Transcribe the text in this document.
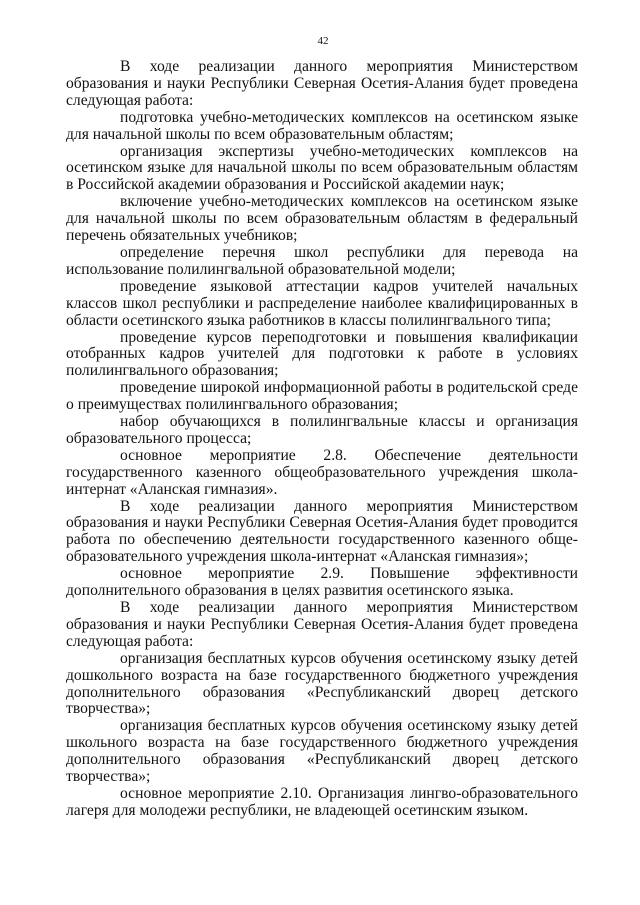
42

В ходе реализации данного мероприятия Министерством образования и науки Республики Северная Осетия-Алания будет проведена следующая работа:

подготовка учебно-методических комплексов на осетинском языке для начальной школы по всем образовательным областям;

организация экспертизы учебно-методических комплексов на осетинском языке для начальной школы по всем образовательным областям в Российской академии образования и Российской академии наук;

включение учебно-методических комплексов на осетинском языке для начальной школы по всем образовательным областям в федеральный перечень обязательных учебников;

определение перечня школ республики для перевода на использование полилингвальной образовательной модели;

проведение языковой аттестации кадров учителей начальных классов школ республики и распределение наиболее квалифицированных в области осетинского языка работников в классы полилингвального типа;

проведение курсов переподготовки и повышения квалификации отобранных кадров учителей для подготовки к работе в условиях полилингвального образования;

проведение широкой информационной работы в родительской среде о преимуществах полилингвального образования;

набор обучающихся в полилингвальные классы и организация образовательного процесса;

основное мероприятие 2.8. Обеспечение деятельности государственного казенного общеобразовательного учреждения школа-интернат «Аланская гимназия».

В ходе реализации данного мероприятия Министерством образования и науки Республики Северная Осетия-Алания будет проводится работа по обеспечению деятельности государственного казенного обще-образовательного учреждения школа-интернат «Аланская гимназия»;

основное мероприятие 2.9. Повышение эффективности дополнительного образования в целях развития осетинского языка.

В ходе реализации данного мероприятия Министерством образования и науки Республики Северная Осетия-Алания будет проведена следующая работа:

организация бесплатных курсов обучения осетинскому языку детей дошкольного возраста на базе государственного бюджетного учреждения дополнительного образования «Республиканский дворец детского творчества»;

организация бесплатных курсов обучения осетинскому языку детей школьного возраста на базе государственного бюджетного учреждения дополнительного образования «Республиканский дворец детского творчества»;

основное мероприятие 2.10. Организация лингво-образовательного лагеря для молодежи республики, не владеющей осетинским языком.
